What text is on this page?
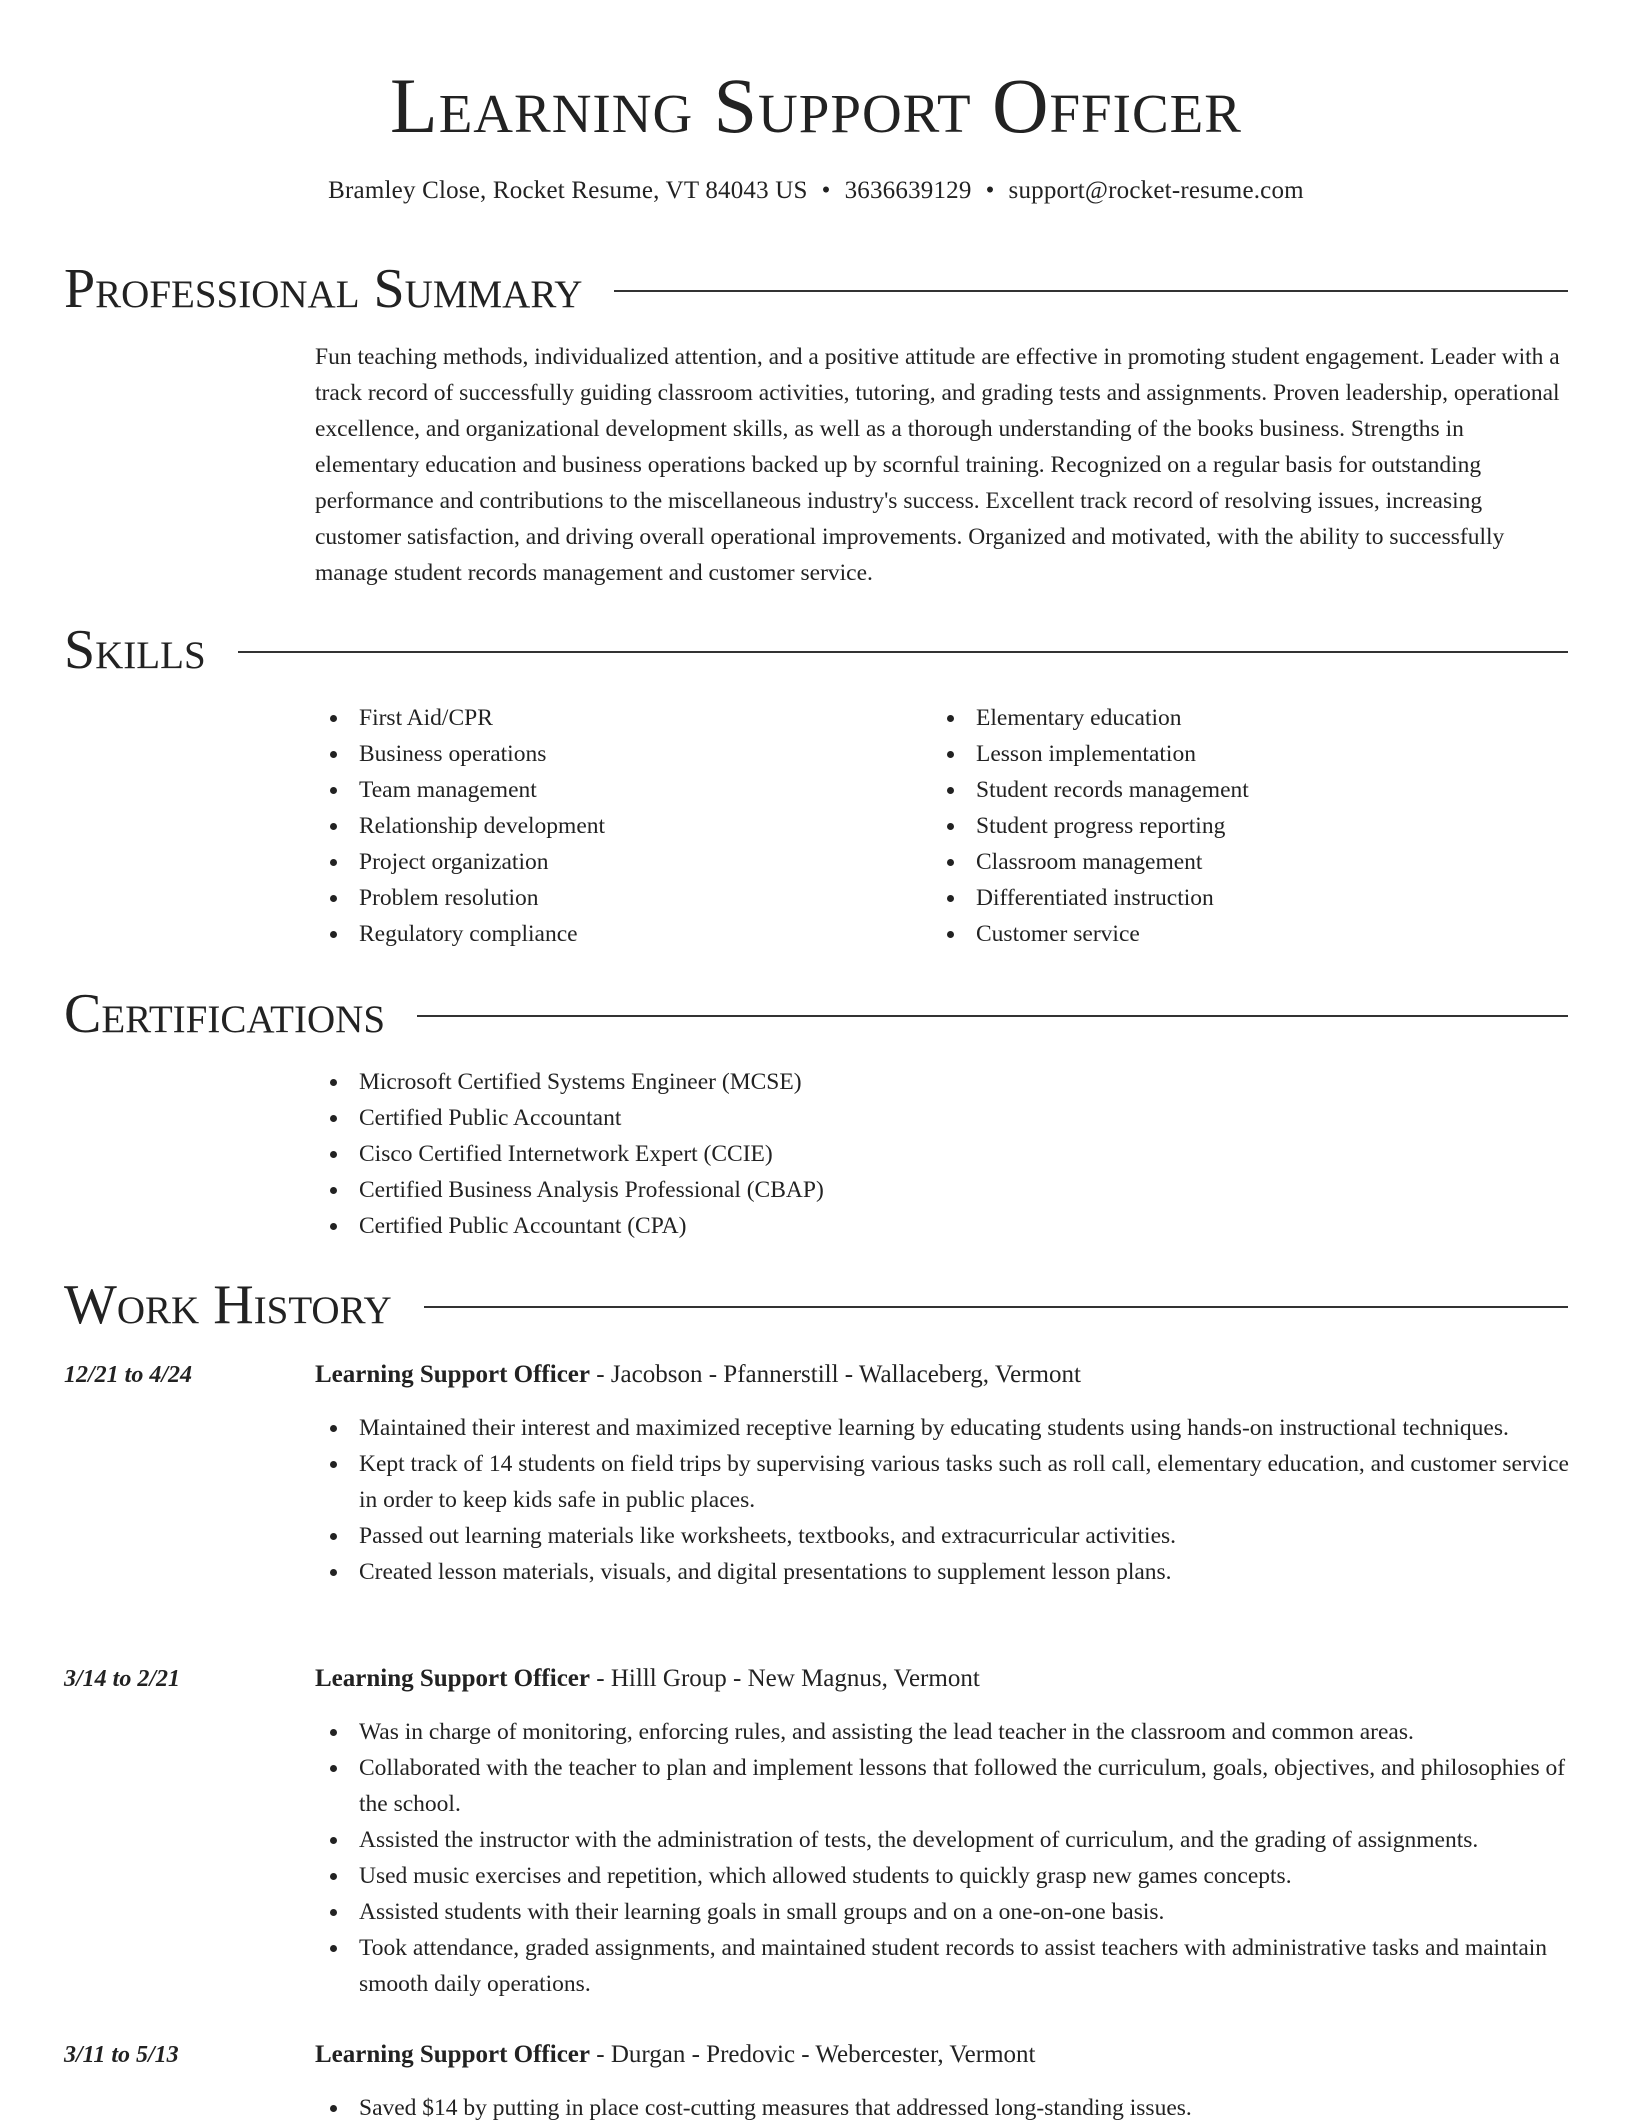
Learning Support Officer
Bramley Close, Rocket Resume, VT 84043 US • 3636639129 • support@rocket-resume.com
Professional Summary

Fun teaching methods, individualized attention, and a positive attitude are effective in promoting student engagement. Leader with a track record of successfully guiding classroom activities, tutoring, and grading tests and assignments. Proven leadership, operational excellence, and organizational development skills, as well as a thorough understanding of the books business. Strengths in elementary education and business operations backed up by scornful training. Recognized on a regular basis for outstanding performance and contributions to the miscellaneous industry's success. Excellent track record of resolving issues, increasing customer satisfaction, and driving overall operational improvements. Organized and motivated, with the ability to successfully manage student records management and customer service.

Skills
First Aid/CPR
Business operations
Team management
Relationship development
Project organization
Problem resolution
Regulatory compliance
Elementary education
Lesson implementation
Student records management
Student progress reporting
Classroom management
Differentiated instruction
Customer service
Certifications
Microsoft Certified Systems Engineer (MCSE)
Certified Public Accountant
Cisco Certified Internetwork Expert (CCIE)
Certified Business Analysis Professional (CBAP)
Certified Public Accountant (CPA)
Work History
12/21 to 4/24	Learning Support Officer - Jacobson - Pfannerstill - Wallaceberg, Vermont
Maintained their interest and maximized receptive learning by educating students using hands-on instructional techniques.
Kept track of 14 students on field trips by supervising various tasks such as roll call, elementary education, and customer service in order to keep kids safe in public places.
Passed out learning materials like worksheets, textbooks, and extracurricular activities.
Created lesson materials, visuals, and digital presentations to supplement lesson plans.
3/14 to 2/21	Learning Support Officer - Hilll Group - New Magnus, Vermont
Was in charge of monitoring, enforcing rules, and assisting the lead teacher in the classroom and common areas.
Collaborated with the teacher to plan and implement lessons that followed the curriculum, goals, objectives, and philosophies of the school.
Assisted the instructor with the administration of tests, the development of curriculum, and the grading of assignments.
Used music exercises and repetition, which allowed students to quickly grasp new games concepts.
Assisted students with their learning goals in small groups and on a one-on-one basis.
Took attendance, graded assignments, and maintained student records to assist teachers with administrative tasks and maintain smooth daily operations.
3/11 to 5/13	Learning Support Officer - Durgan - Predovic - Webercester, Vermont
Saved $14 by putting in place cost-cutting measures that addressed long-standing issues.
